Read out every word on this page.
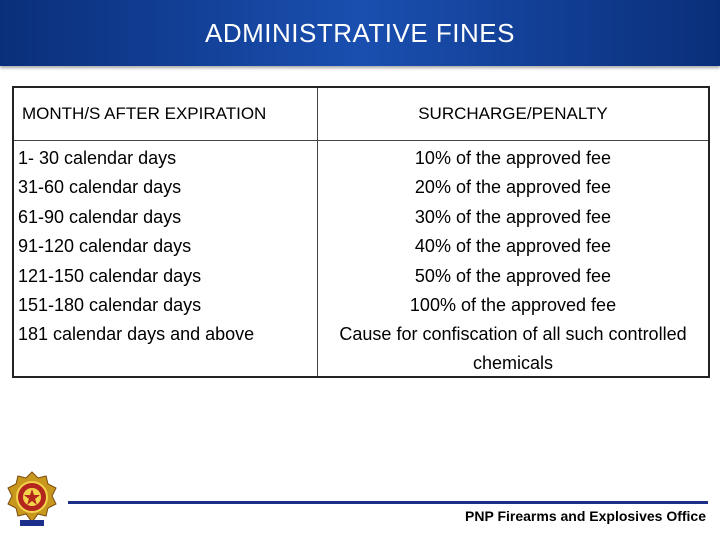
ADMINISTRATIVE FINES
MONTH/S AFTER EXPIRATION	SURCHARGE/PENALTY
1- 30 calendar days
31-60 calendar days
61-90 calendar days
91-120 calendar days
121-150 calendar days
151-180 calendar days
181 calendar days and above
10% of the approved fee
20% of the approved fee
30% of the approved fee
40% of the approved fee
50% of the approved fee
100% of the approved fee
Cause for confiscation of all such controlled chemicals
PNP Firearms and Explosives Office
